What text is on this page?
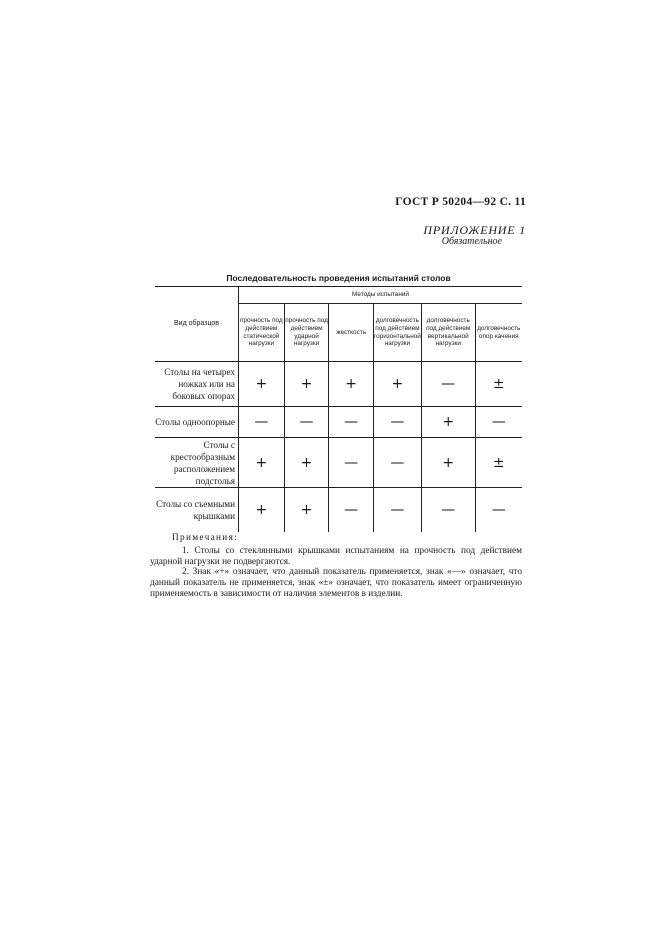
ГОСТ Р 50204—92 С. 11
ПРИЛОЖЕНИЕ 1
Обязательное
Последовательность проведения испытаний столов
Вид образцов	Методы испытаний					
	прочность под действием статической нагрузки	прочность под действием ударной нагрузки	жесткость	долговечность под действием горизонтальной нагрузки	долговечность под действием вертикальной нагрузки	долговечность опор качения
Столы на четырех ножках или на боковых опорах	+	+	+	+	—	±
Столы одноопорные	—	—	—	—	+	—
Столы с крестообразным расположением подстолья	+	+	—	—	+	±
Столы со съемными крышками	+	+	—	—	—	—
Примечания:
1. Столы со стеклянными крышками испытаниям на прочность под действием ударной нагрузки не подвергаются.
2. Знак «+» означает, что данный показатель применяется, знак «—» означает, что данный показатель не применяется, знак «±» означает, что показатель имеет ограниченную применяемость в зависимости от наличия элементов в изделии.
